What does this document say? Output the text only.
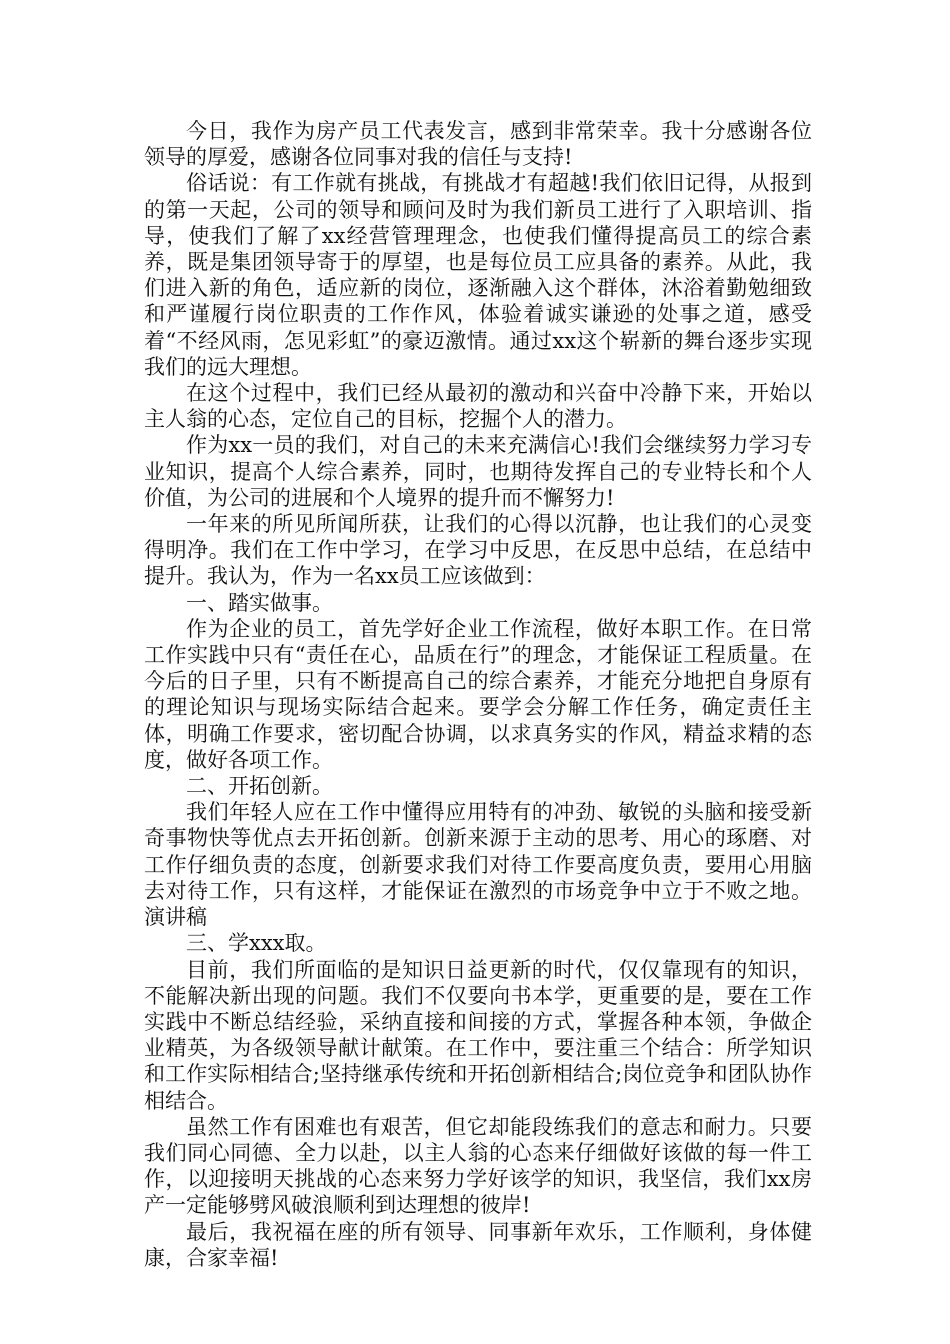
今日，我作为房产员工代表发言，感到非常荣幸。我十分感谢各位领导的厚爱，感谢各位同事对我的信任与支持!

俗话说：有工作就有挑战，有挑战才有超越!我们依旧记得，从报到的第一天起，公司的领导和顾问及时为我们新员工进行了入职培训、指导，使我们了解了xx经营管理理念，也使我们懂得提高员工的综合素养，既是集团领导寄于的厚望，也是每位员工应具备的素养。从此，我们进入新的角色，适应新的岗位，逐渐融入这个群体，沐浴着勤勉细致和严谨履行岗位职责的工作作风，体验着诚实谦逊的处事之道，感受着“不经风雨，怎见彩虹”的豪迈激情。通过xx这个崭新的舞台逐步实现我们的远大理想。

在这个过程中，我们已经从最初的激动和兴奋中冷静下来，开始以主人翁的心态，定位自己的目标，挖掘个人的潜力。

作为xx一员的我们，对自己的未来充满信心!我们会继续努力学习专业知识，提高个人综合素养，同时，也期待发挥自己的专业特长和个人价值，为公司的进展和个人境界的提升而不懈努力!

一年来的所见所闻所获，让我们的心得以沉静，也让我们的心灵变得明净。我们在工作中学习，在学习中反思，在反思中总结，在总结中提升。我认为，作为一名xx员工应该做到：

一、踏实做事。

作为企业的员工，首先学好企业工作流程，做好本职工作。在日常工作实践中只有“责任在心，品质在行”的理念，才能保证工程质量。在今后的日子里，只有不断提高自己的综合素养，才能充分地把自身原有的理论知识与现场实际结合起来。要学会分解工作任务，确定责任主体，明确工作要求，密切配合协调，以求真务实的作风，精益求精的态度，做好各项工作。

二、开拓创新。

我们年轻人应在工作中懂得应用特有的冲劲、敏锐的头脑和接受新奇事物快等优点去开拓创新。创新来源于主动的思考、用心的琢磨、对工作仔细负责的态度，创新要求我们对待工作要高度负责，要用心用脑去对待工作，只有这样，才能保证在激烈的市场竞争中立于不败之地。演讲稿

三、学xxx取。

目前，我们所面临的是知识日益更新的时代，仅仅靠现有的知识，不能解决新出现的问题。我们不仅要向书本学，更重要的是，要在工作实践中不断总结经验，采纳直接和间接的方式，掌握各种本领，争做企业精英，为各级领导献计献策。在工作中，要注重三个结合：所学知识和工作实际相结合;坚持继承传统和开拓创新相结合;岗位竞争和团队协作相结合。

虽然工作有困难也有艰苦，但它却能段练我们的意志和耐力。只要我们同心同德、全力以赴，以主人翁的心态来仔细做好该做的每一件工作，以迎接明天挑战的心态来努力学好该学的知识，我坚信，我们xx房产一定能够劈风破浪顺利到达理想的彼岸!

最后，我祝福在座的所有领导、同事新年欢乐，工作顺利，身体健康，合家幸福!
